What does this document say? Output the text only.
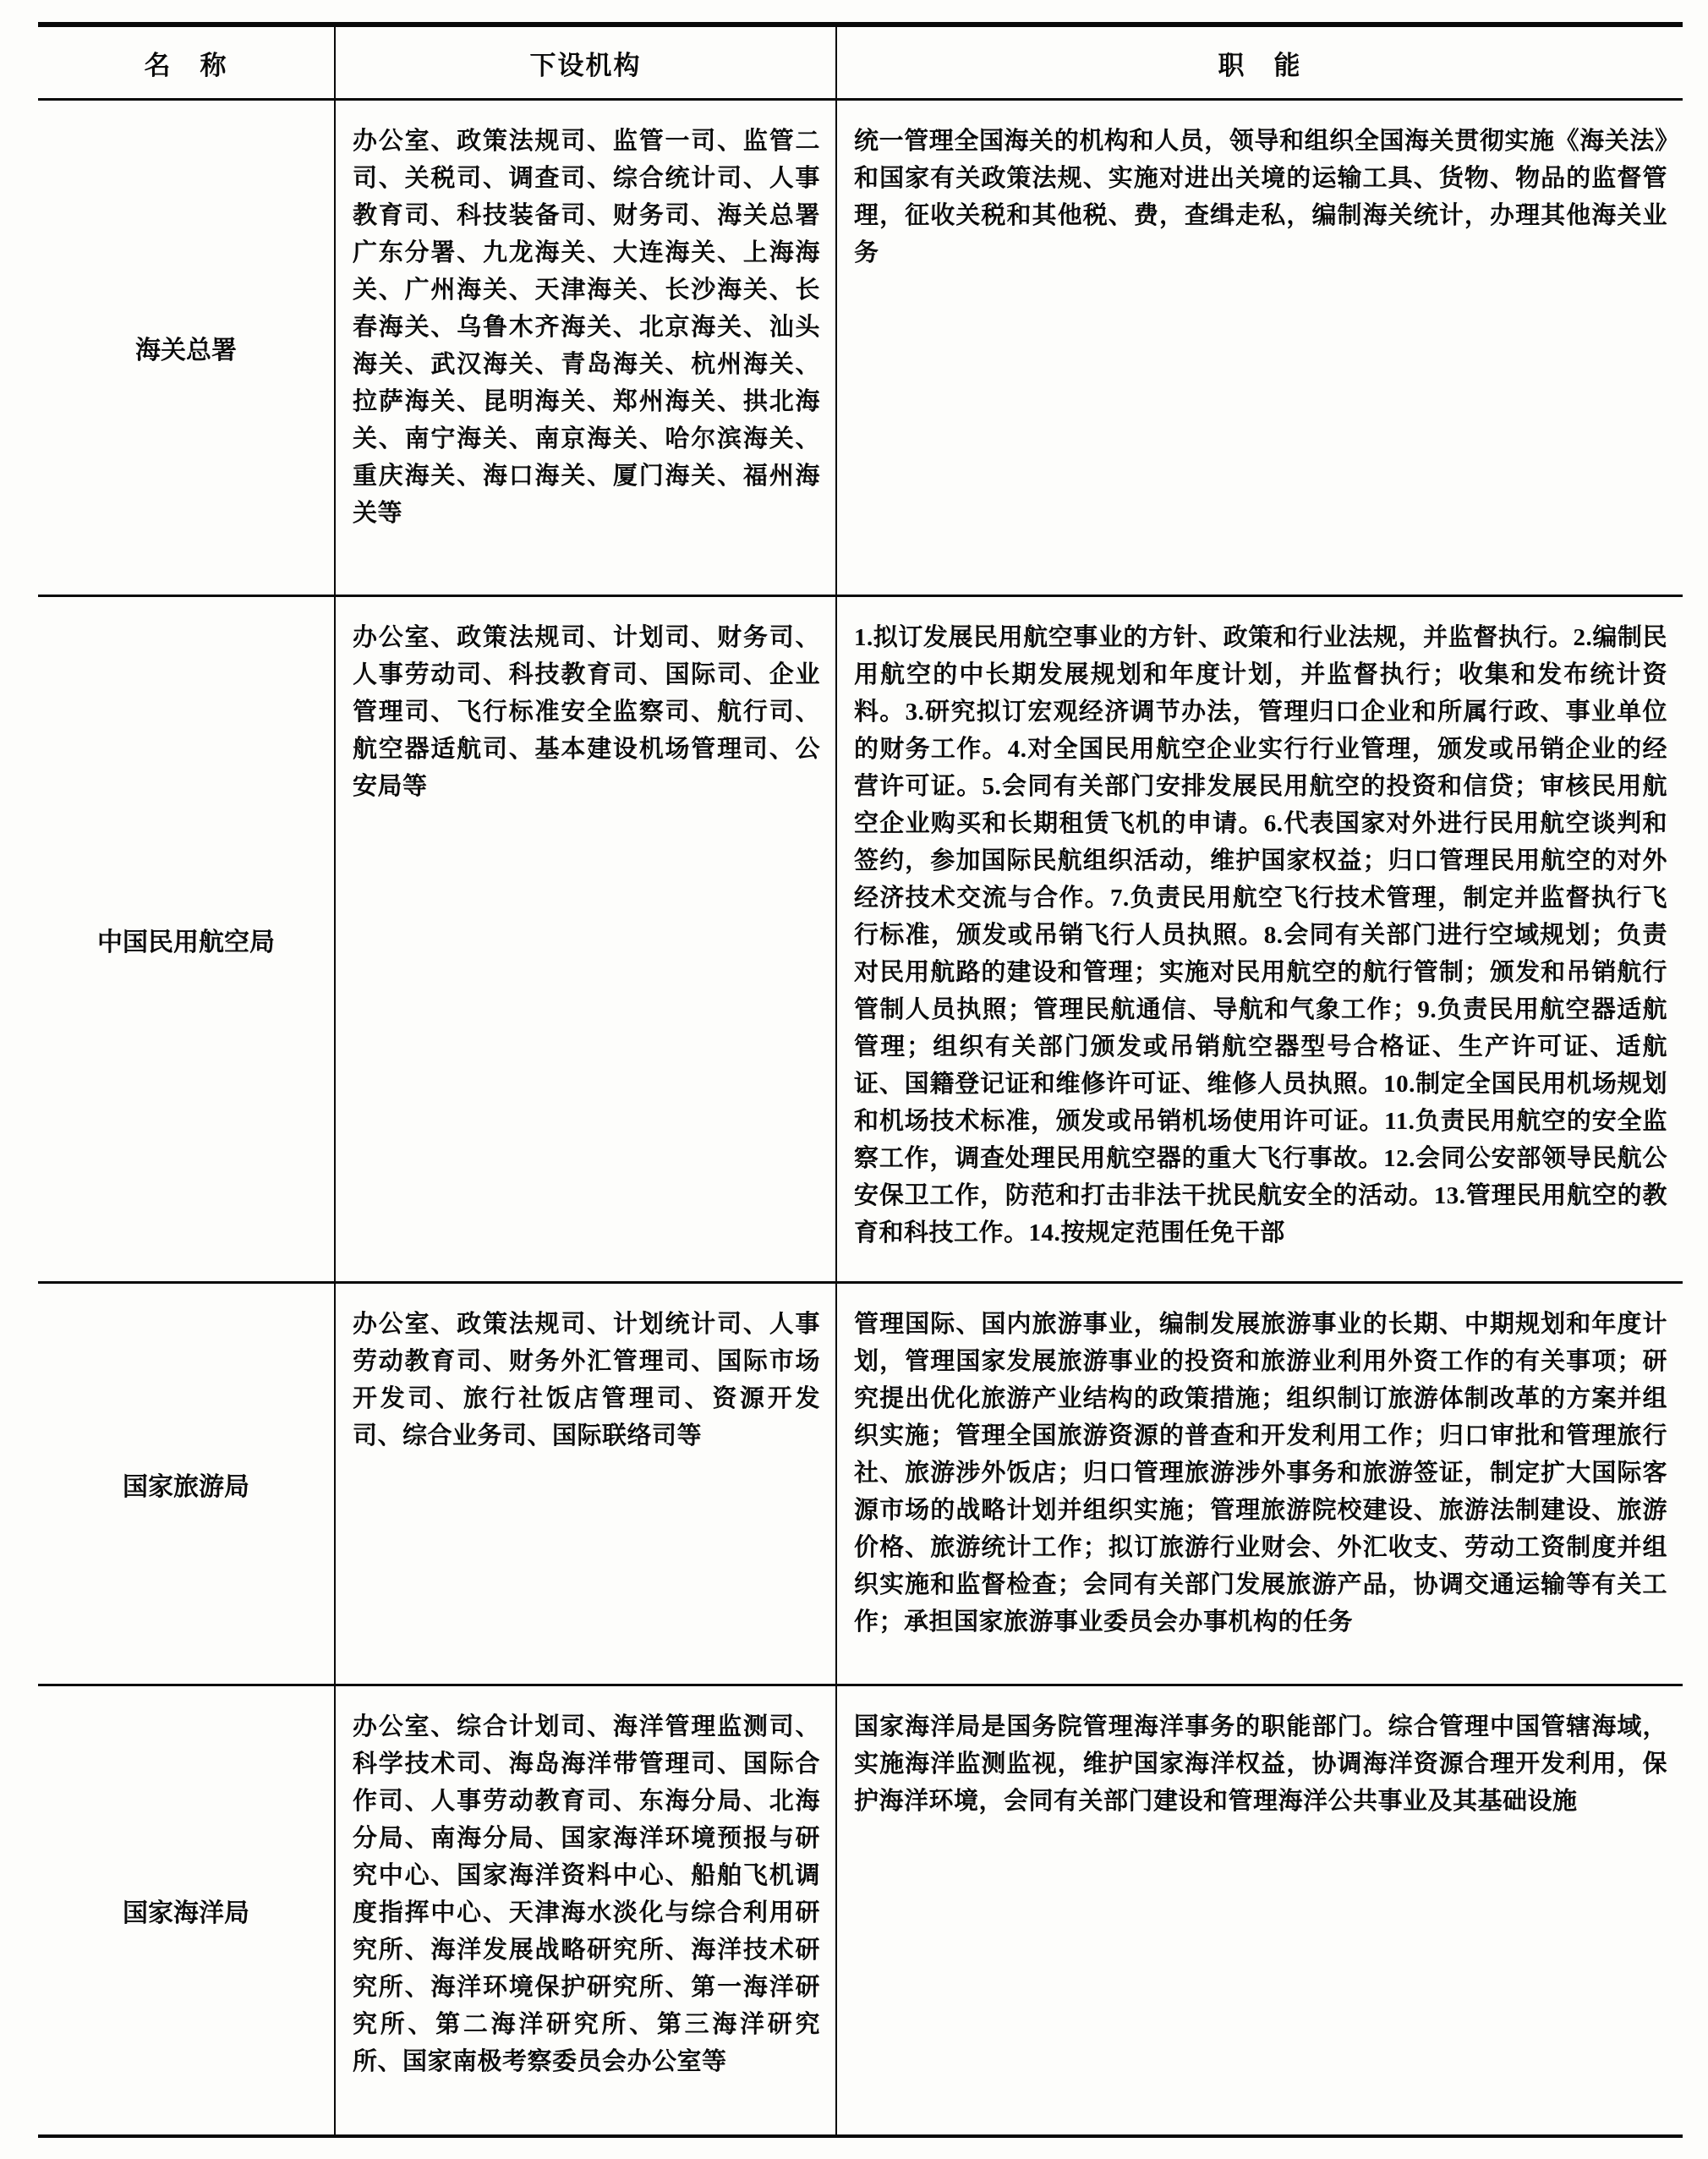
名　称	下设机构	职　能
海关总署
办公室、政策法规司、监管一司、监管二司、关税司、调查司、综合统计司、人事教育司、科技装备司、财务司、海关总署广东分署、九龙海关、大连海关、上海海关、广州海关、天津海关、长沙海关、长春海关、乌鲁木齐海关、北京海关、汕头海关、武汉海关、青岛海关、杭州海关、拉萨海关、昆明海关、郑州海关、拱北海关、南宁海关、南京海关、哈尔滨海关、重庆海关、海口海关、厦门海关、福州海关等
统一管理全国海关的机构和人员，领导和组织全国海关贯彻实施《海关法》和国家有关政策法规、实施对进出关境的运输工具、货物、物品的监督管理，征收关税和其他税、费，查缉走私，编制海关统计，办理其他海关业务
中国民用航空局
办公室、政策法规司、计划司、财务司、人事劳动司、科技教育司、国际司、企业管理司、飞行标准安全监察司、航行司、航空器适航司、基本建设机场管理司、公安局等
1.拟订发展民用航空事业的方针、政策和行业法规，并监督执行。2.编制民用航空的中长期发展规划和年度计划，并监督执行；收集和发布统计资料。3.研究拟订宏观经济调节办法，管理归口企业和所属行政、事业单位的财务工作。4.对全国民用航空企业实行行业管理，颁发或吊销企业的经营许可证。5.会同有关部门安排发展民用航空的投资和信贷；审核民用航空企业购买和长期租赁飞机的申请。6.代表国家对外进行民用航空谈判和签约，参加国际民航组织活动，维护国家权益；归口管理民用航空的对外经济技术交流与合作。7.负责民用航空飞行技术管理，制定并监督执行飞行标准，颁发或吊销飞行人员执照。8.会同有关部门进行空域规划；负责对民用航路的建设和管理；实施对民用航空的航行管制；颁发和吊销航行管制人员执照；管理民航通信、导航和气象工作；9.负责民用航空器适航管理；组织有关部门颁发或吊销航空器型号合格证、生产许可证、适航证、国籍登记证和维修许可证、维修人员执照。10.制定全国民用机场规划和机场技术标准，颁发或吊销机场使用许可证。11.负责民用航空的安全监察工作，调查处理民用航空器的重大飞行事故。12.会同公安部领导民航公安保卫工作，防范和打击非法干扰民航安全的活动。13.管理民用航空的教育和科技工作。14.按规定范围任免干部
国家旅游局
办公室、政策法规司、计划统计司、人事劳动教育司、财务外汇管理司、国际市场开发司、旅行社饭店管理司、资源开发司、综合业务司、国际联络司等
管理国际、国内旅游事业，编制发展旅游事业的长期、中期规划和年度计划，管理国家发展旅游事业的投资和旅游业利用外资工作的有关事项；研究提出优化旅游产业结构的政策措施；组织制订旅游体制改革的方案并组织实施；管理全国旅游资源的普查和开发利用工作；归口审批和管理旅行社、旅游涉外饭店；归口管理旅游涉外事务和旅游签证，制定扩大国际客源市场的战略计划并组织实施；管理旅游院校建设、旅游法制建设、旅游价格、旅游统计工作；拟订旅游行业财会、外汇收支、劳动工资制度并组织实施和监督检查；会同有关部门发展旅游产品，协调交通运输等有关工作；承担国家旅游事业委员会办事机构的任务
国家海洋局
办公室、综合计划司、海洋管理监测司、科学技术司、海岛海洋带管理司、国际合作司、人事劳动教育司、东海分局、北海分局、南海分局、国家海洋环境预报与研究中心、国家海洋资料中心、船舶飞机调度指挥中心、天津海水淡化与综合利用研究所、海洋发展战略研究所、海洋技术研究所、海洋环境保护研究所、第一海洋研究所、第二海洋研究所、第三海洋研究所、国家南极考察委员会办公室等
国家海洋局是国务院管理海洋事务的职能部门。综合管理中国管辖海域，实施海洋监测监视，维护国家海洋权益，协调海洋资源合理开发利用，保护海洋环境，会同有关部门建设和管理海洋公共事业及其基础设施
